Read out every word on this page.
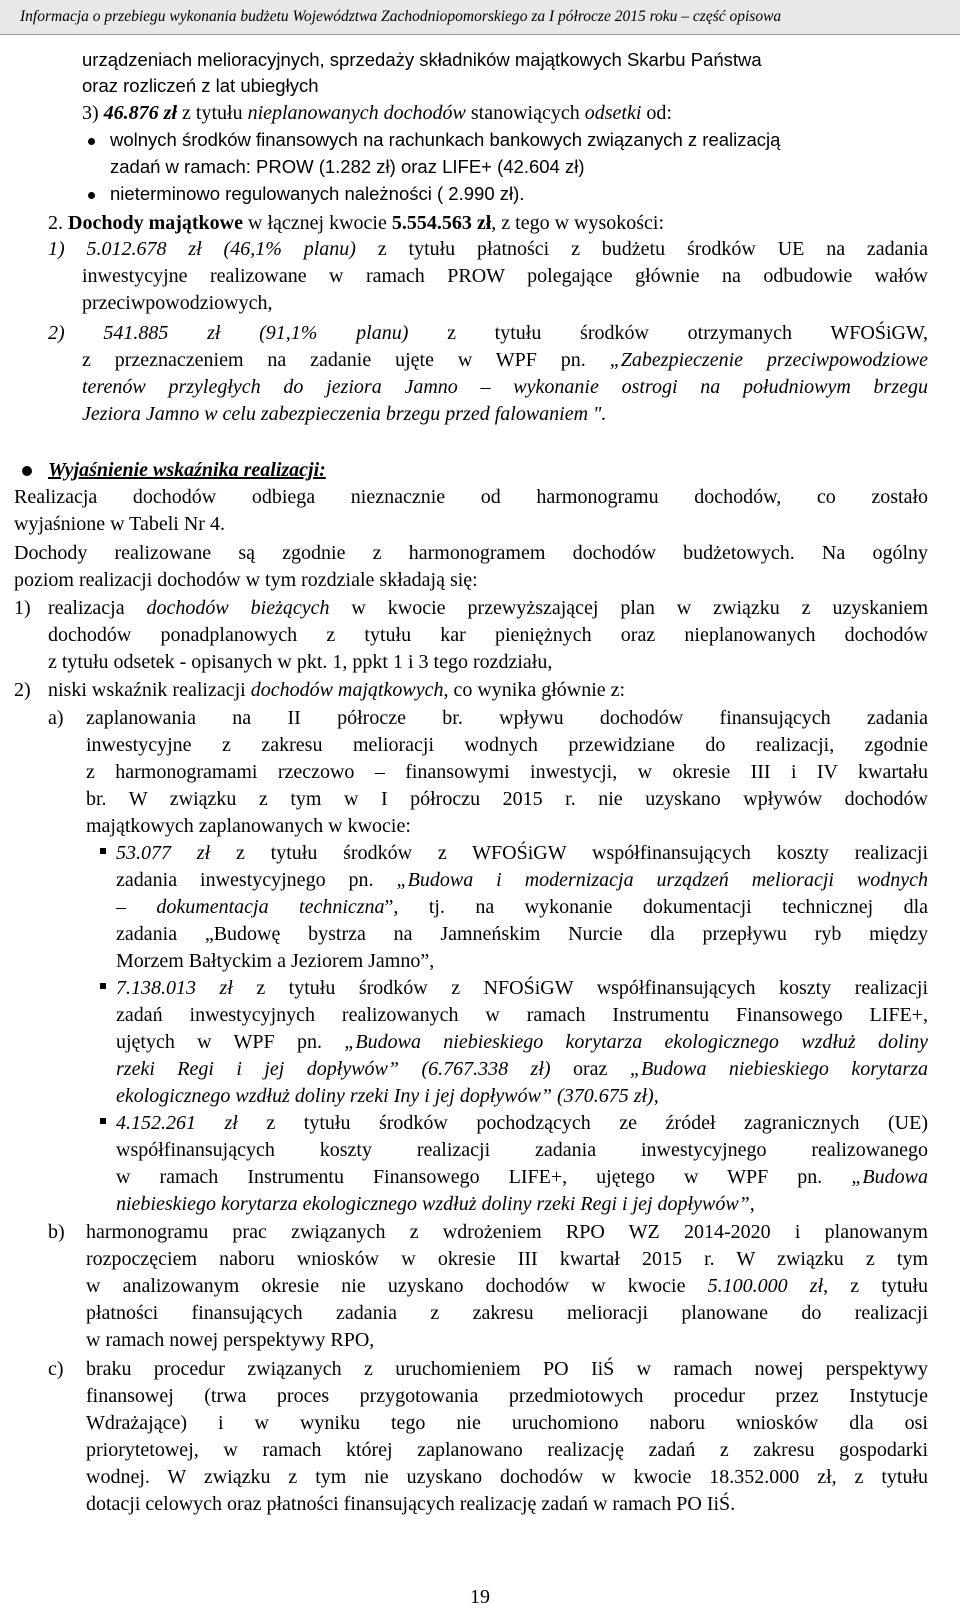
Informacja o przebiegu wykonania budżetu Województwa Zachodniopomorskiego za I półrocze 2015 roku – część opisowa
urządzeniach melioracyjnych, sprzedaży składników majątkowych Skarbu Państwa
oraz rozliczeń z lat ubiegłych
3) 46.876 zł z tytułu nieplanowanych dochodów stanowiących odsetki od:
wolnych środków finansowych na rachunkach bankowych związanych z realizacją
zadań w ramach: PROW (1.282 zł) oraz LIFE+ (42.604 zł)
nieterminowo regulowanych należności ( 2.990 zł).
2. Dochody majątkowe w łącznej kwocie 5.554.563 zł, z tego w wysokości:
1) 5.012.678 zł (46,1% planu) z tytułu płatności z budżetu środków UE na zadania
inwestycyjne realizowane w ramach PROW polegające głównie na odbudowie wałów
przeciwpowodziowych,
2) 541.885 zł (91,1% planu) z tytułu środków otrzymanych WFOŚiGW,
z przeznaczeniem na zadanie ujęte w WPF pn. „Zabezpieczenie przeciwpowodziowe
terenów przyległych do jeziora Jamno – wykonanie ostrogi na południowym brzegu
Jeziora Jamno w celu zabezpieczenia brzegu przed falowaniem ".
Wyjaśnienie wskaźnika realizacji:
Realizacja dochodów odbiega nieznacznie od harmonogramu dochodów, co zostało
wyjaśnione w Tabeli Nr 4.
Dochody realizowane są zgodnie z harmonogramem dochodów budżetowych. Na ogólny
poziom realizacji dochodów w tym rozdziale składają się:
1) realizacja dochodów bieżących w kwocie przewyższającej plan w związku z uzyskaniem
dochodów ponadplanowych z tytułu kar pieniężnych oraz nieplanowanych dochodów
z tytułu odsetek - opisanych w pkt. 1, ppkt 1 i 3 tego rozdziału,
2) niski wskaźnik realizacji dochodów majątkowych, co wynika głównie z:
a) zaplanowania na II półrocze br. wpływu dochodów finansujących zadania
inwestycyjne z zakresu melioracji wodnych przewidziane do realizacji, zgodnie
z harmonogramami rzeczowo – finansowymi inwestycji, w okresie III i IV kwartału
br. W związku z tym w I półroczu 2015 r. nie uzyskano wpływów dochodów
majątkowych zaplanowanych w kwocie:
53.077 zł z tytułu środków z WFOŚiGW współfinansujących koszty realizacji
zadania inwestycyjnego pn. „Budowa i modernizacja urządzeń melioracji wodnych
– dokumentacja techniczna”, tj. na wykonanie dokumentacji technicznej dla
zadania „Budowę bystrza na Jamneńskim Nurcie dla przepływu ryb między
Morzem Bałtyckim a Jeziorem Jamno”,
7.138.013 zł z tytułu środków z NFOŚiGW współfinansujących koszty realizacji
zadań inwestycyjnych realizowanych w ramach Instrumentu Finansowego LIFE+,
ujętych w WPF pn. „Budowa niebieskiego korytarza ekologicznego wzdłuż doliny
rzeki Regi i jej dopływów” (6.767.338 zł) oraz „Budowa niebieskiego korytarza
ekologicznego wzdłuż doliny rzeki Iny i jej dopływów” (370.675 zł),
4.152.261 zł z tytułu środków pochodzących ze źródeł zagranicznych (UE)
współfinansujących koszty realizacji zadania inwestycyjnego realizowanego
w ramach Instrumentu Finansowego LIFE+, ujętego w WPF pn. „Budowa
niebieskiego korytarza ekologicznego wzdłuż doliny rzeki Regi i jej dopływów”,
b) harmonogramu prac związanych z wdrożeniem RPO WZ 2014-2020 i planowanym
rozpoczęciem naboru wniosków w okresie III kwartał 2015 r. W związku z tym
w analizowanym okresie nie uzyskano dochodów w kwocie 5.100.000 zł, z tytułu
płatności finansujących zadania z zakresu melioracji planowane do realizacji
w ramach nowej perspektywy RPO,
c) braku procedur związanych z uruchomieniem PO IiŚ w ramach nowej perspektywy
finansowej (trwa proces przygotowania przedmiotowych procedur przez Instytucje
Wdrażające) i w wyniku tego nie uruchomiono naboru wniosków dla osi
priorytetowej, w ramach której zaplanowano realizację zadań z zakresu gospodarki
wodnej. W związku z tym nie uzyskano dochodów w kwocie 18.352.000 zł, z tytułu
dotacji celowych oraz płatności finansujących realizację zadań w ramach PO IiŚ.
19
